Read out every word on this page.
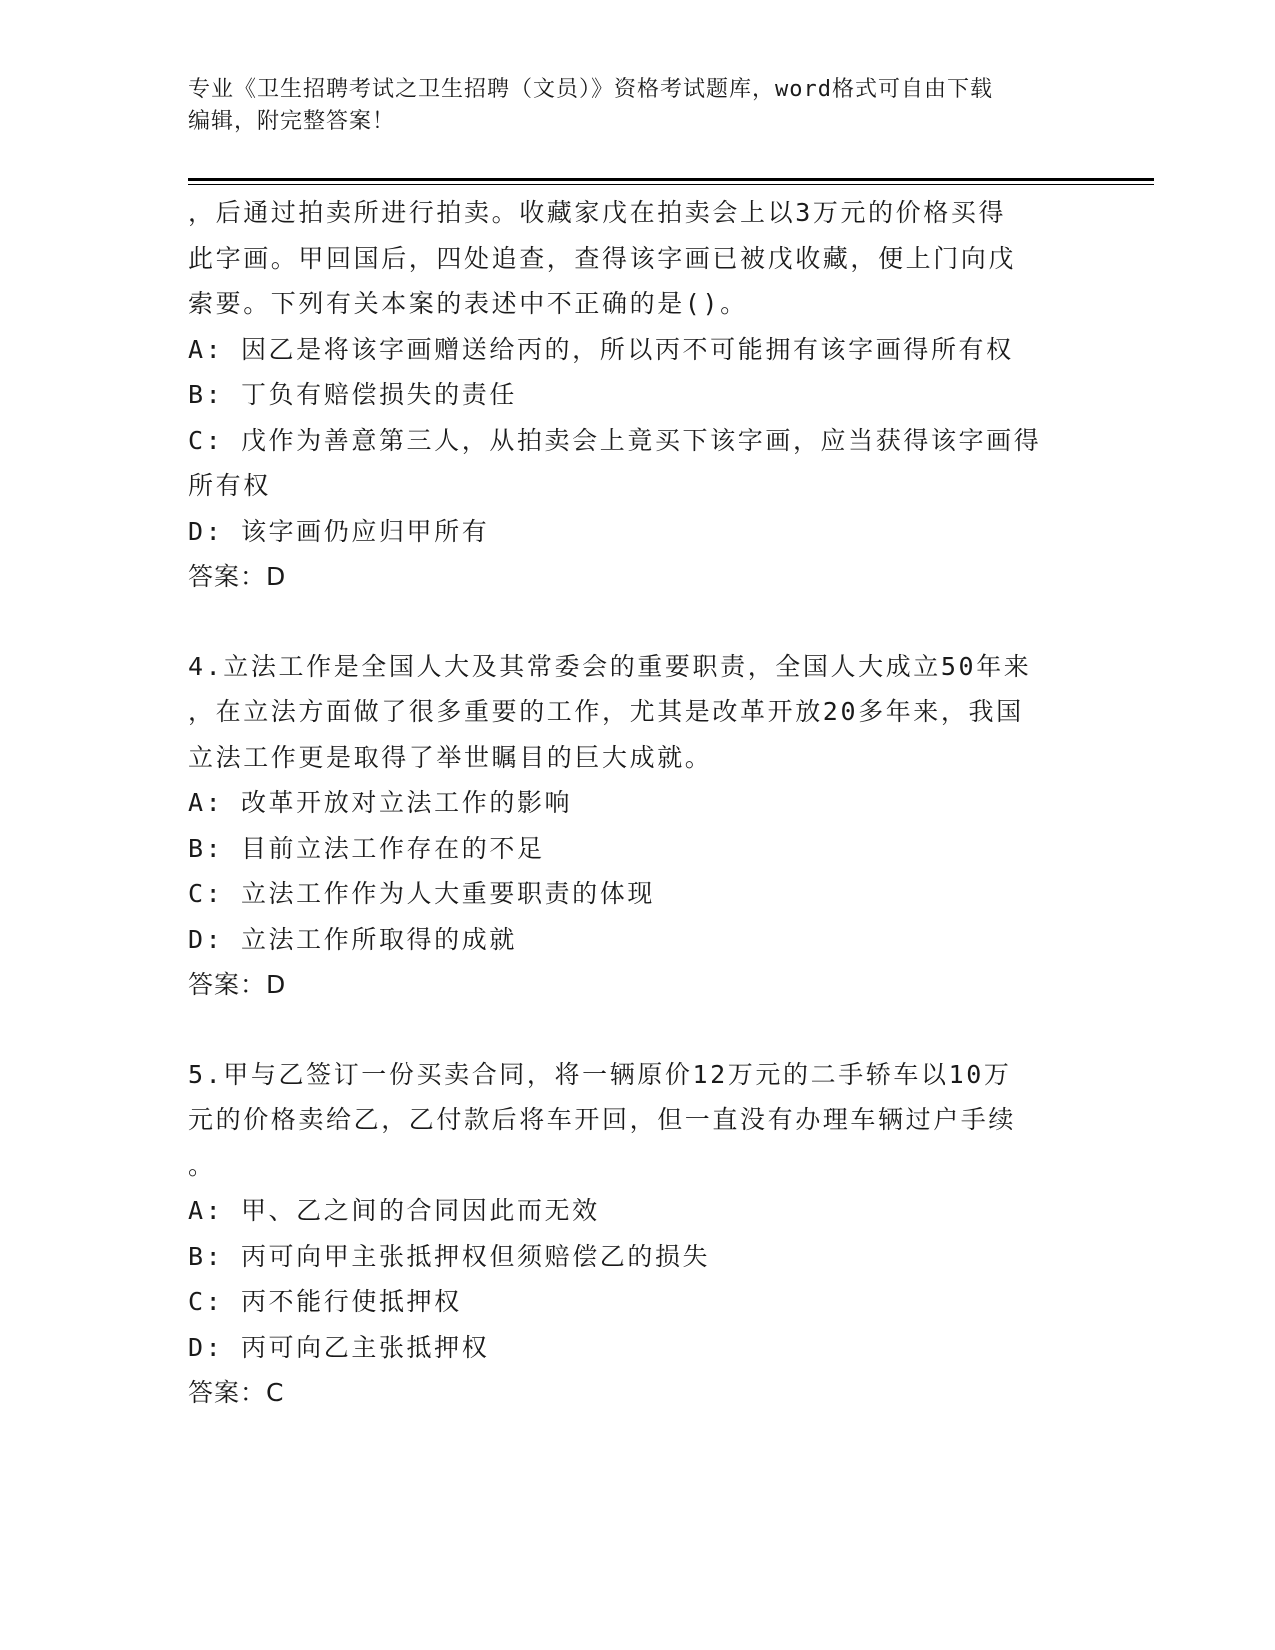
专业《卫生招聘考试之卫生招聘（文员）》资格考试题库，word格式可自由下载
编辑，附完整答案！
，后通过拍卖所进行拍卖。收藏家戊在拍卖会上以3万元的价格买得
此字画。甲回国后，四处追查，查得该字画已被戊收藏，便上门向戊
索要。下列有关本案的表述中不正确的是()。
A: 因乙是将该字画赠送给丙的，所以丙不可能拥有该字画得所有权
B: 丁负有赔偿损失的责任
C: 戊作为善意第三人，从拍卖会上竟买下该字画，应当获得该字画得
所有权
D: 该字画仍应归甲所有
答案：D
4.立法工作是全国人大及其常委会的重要职责，全国人大成立50年来
，在立法方面做了很多重要的工作，尤其是改革开放20多年来，我国
立法工作更是取得了举世瞩目的巨大成就。
A: 改革开放对立法工作的影响
B: 目前立法工作存在的不足
C: 立法工作作为人大重要职责的体现
D: 立法工作所取得的成就
答案：D
5.甲与乙签订一份买卖合同，将一辆原价12万元的二手轿车以10万
元的价格卖给乙，乙付款后将车开回，但一直没有办理车辆过户手续
。
A: 甲、乙之间的合同因此而无效
B: 丙可向甲主张抵押权但须赔偿乙的损失
C: 丙不能行使抵押权
D: 丙可向乙主张抵押权
答案：C
